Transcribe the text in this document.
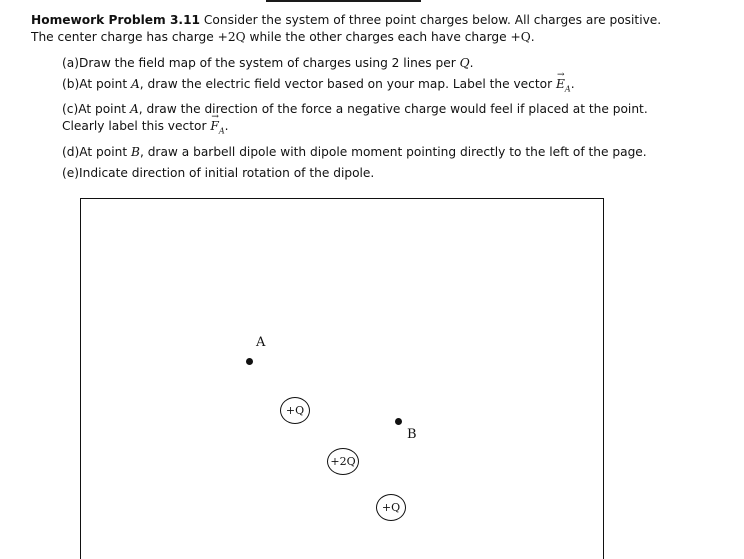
Homework Problem 3.11 Consider the system of three point charges below. All charges are positive. The center charge has charge +2Q while the other charges each have charge +Q.
(a)Draw the field map of the system of charges using 2 lines per Q.
(b)At point A, draw the electric field vector based on your map. Label the vector → $E_A$.
(c)At point A, draw the direction of the force a negative charge would feel if placed at the point. Clearly label this vector → $F_A$.
(d)At point B, draw a barbell dipole with dipole moment pointing directly to the left of the page.
(e)Indicate direction of initial rotation of the dipole.
A
+Q
B
+2Q
+Q
